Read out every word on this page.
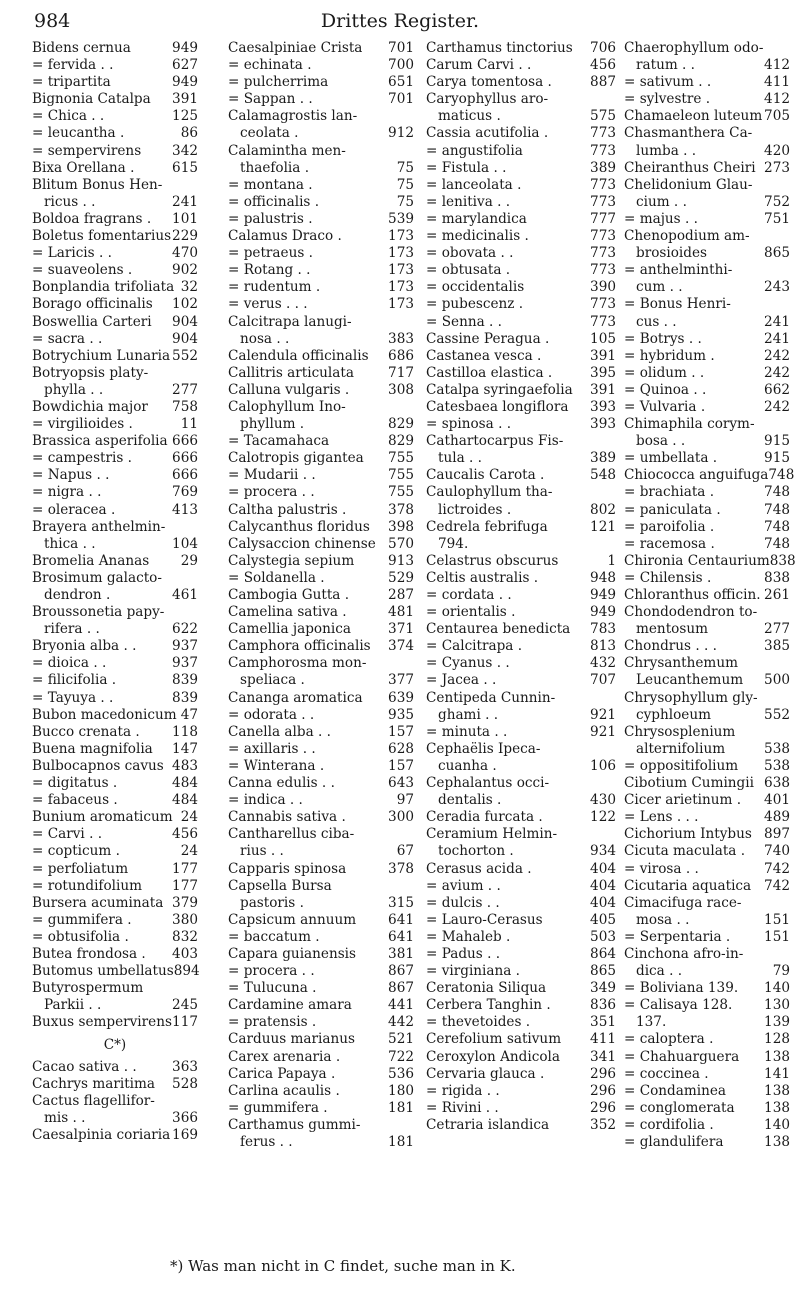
984	Drittes Register.
Bidens cernua	949
= fervida . .	627
= tripartita	949
Bignonia Catalpa 391
= Chica . .	125
= leucantha .	86
= sempervirens 342
Bixa Orellana .	615
Blitum Bonus Hen-
ricus . .	241
Boldoa fragrans . 101
Boletus fomentarius 229
= Laricis . .	470
= suaveolens .	902
Bonplandia trifoliata 32
Borago officinalis 102
Boswellia Carteri 904
= sacra . .	904
Botrychium Lunaria 552
Botryopsis platy-
phylla . .	277
Bowdichia major 758
= virgilioides .	11
Brassica asperifolia 666
= campestris .	666
= Napus . .	666
= nigra . .	769
= oleracea .	413
Brayera anthelmin-
thica . .	104
Bromelia Ananas 29
Brosimum galacto-
dendron .	461
Broussonetia papy-
rifera . .	622
Bryonia alba . .	937
= dioica . .	937
= filicifolia .	839
= Tayuya . .	839
Bubon macedonicum 47
Bucco crenata . 118
Buena magnifolia 147
Bulbocapnos cavus 483
= digitatus .	484
= fabaceus .	484
Bunium aromaticum 24
= Carvi . .	456
= copticum .	24
= perfoliatum	177
= rotundifolium 177
Bursera acuminata 379
= gummifera .	380
= obtusifolia .	832
Butea frondosa . 403
Butomus umbellatus 894
Butyrospermum
Parkii . .	245
Buxus sempervirens 117
C*)
Cacao sativa . .	363
Cachrys maritima 528
Cactus flagellifor-
mis . .	366
Caesalpinia coriaria 169
Caesalpiniae Crista 701
= echinata .	700
= pulcherrima	651
= Sappan . .	701
Calamagrostis lan-
ceolata .	912
Calamintha men-
thaefolia .	75
= montana .	75
= officinalis .	75
= palustris .	539
Calamus Draco .	173
= petraeus .	173
= Rotang . .	173
= rudentum .	173
= verus . . .	173
Calcitrapa lanugi-
nosa . .	383
Calendula officinalis 686
Callitris articulata	717
Calluna vulgaris .	308
Calophyllum Ino-
phyllum .	829
= Tacamahaca	829
Calotropis gigantea 755
= Mudarii . .	755
= procera . .	755
Caltha palustris .	378
Calycanthus floridus 398
Calysaccion chinense 570
Calystegia sepium 913
= Soldanella .	529
Cambogia Gutta .	287
Camelina sativa .	481
Camellia japonica	371
Camphora officinalis 374
Camphorosma mon-
speliaca .	377
Cananga aromatica 639
= odorata . .	935
Canella alba . .	157
= axillaris . .	628
= Winterana .	157
Canna edulis . .	643
= indica . .	97
Cannabis sativa .	300
Cantharellus ciba-
rius . .	67
Capparis spinosa	378
Capsella Bursa
pastoris .	315
Capsicum annuum 641
= baccatum .	641
Capara guianensis 381
= procera . .	867
= Tulucuna .	867
Cardamine amara	441
= pratensis .	442
Carduus marianus 521
Carex arenaria .	722
Carica Papaya .	536
Carlina acaulis .	180
= gummifera .	181
Carthamus gummi-
ferus . .	181
Carthamus tinctorius 706
Carum Carvi . .	456
Carya tomentosa .	887
Caryophyllus aro-
maticus .	575
Cassia acutifolia .	773
= angustifolia	773
= Fistula . .	389
= lanceolata .	773
= lenitiva . .	773
= marylandica	777
= medicinalis .	773
= obovata . .	773
= obtusata .	773
= occidentalis	390
= pubescenz .	773
= Senna . .	773
Cassine Peragua .	105
Castanea vesca .	391
Castilloa elastica .	395
Catalpa syringaefolia 391
Catesbaea longiflora 393
= spinosa . .	393
Cathartocarpus Fis-
tula . .	389
Caucalis Carota .	548
Caulophyllum tha-
lictroides .	802
Cedrela febrifuga	121
794.
Celastrus obscurus	1
Celtis australis .	948
= cordata . .	949
= orientalis .	949
Centaurea benedicta 783
= Calcitrapa .	813
= Cyanus . .	432
= Jacea . .	707
Centipeda Cunnin-
ghami . .	921
= minuta . .	921
Cephaëlis Ipeca-
cuanha .	106
Cephalantus occi-
dentalis .	430
Ceradia furcata .	122
Ceramium Helmin-
tochorton .	934
Cerasus acida .	404
= avium . .	404
= dulcis . .	404
= Lauro-Cerasus	405
= Mahaleb .	503
= Padus . .	864
= virginiana .	865
Ceratonia Siliqua	349
Cerbera Tanghin .	836
= thevetoides .	351
Cerefolium sativum 411
Ceroxylon Andicola 341
Cervaria glauca .	296
= rigida . .	296
= Rivini . .	296
Cetraria islandica	352
Chaerophyllum odo-
ratum . .	412
= sativum . .	411
= sylvestre .	412
Chamaeleon luteum 705
Chasmanthera Ca-
lumba . .	420
Cheiranthus Cheiri 273
Chelidonium Glau-
cium . .	752
= majus . .	751
Chenopodium am-
brosioides	865
= anthelminthi-
cum . .	243
= Bonus Henri-
cus . .	241
= Botrys . .	241
= hybridum .	242
= olidum . .	242
= Quinoa . .	662
= Vulvaria .	242
Chimaphila corym-
bosa . .	915
= umbellata .	915
Chiococca anguifuga 748
= brachiata .	748
= paniculata .	748
= paroifolia .	748
= racemosa .	748
Chironia Centaurium 838
= Chilensis .	838
Chloranthus officin. 261
Chondodendron to-
mentosum	277
Chondrus . . .	385
Chrysanthemum
Leucanthemum 500
Chrysophyllum gly-
cyphloeum	552
Chrysosplenium
alternifolium	538
= oppositifolium 538
Cibotium Cumingii 638
Cicer arietinum . 401
= Lens . . .	489
Cichorium Intybus 897
Cicuta maculata . 740
= virosa . .	742
Cicutaria aquatica 742
Cimacifuga race-
mosa . .	151
= Serpentaria . 151
Cinchona afro-in-
dica . .	79
= Boliviana 139. 140
= Calisaya 128. 130
137.	139
= caloptera .	128
= Chahuarguera 138
= coccinea .	141
= Condaminea	138
= conglomerata 138
= cordifolia .	140
= glandulifera	138
*) Was man nicht in C findet, suche man in K.
